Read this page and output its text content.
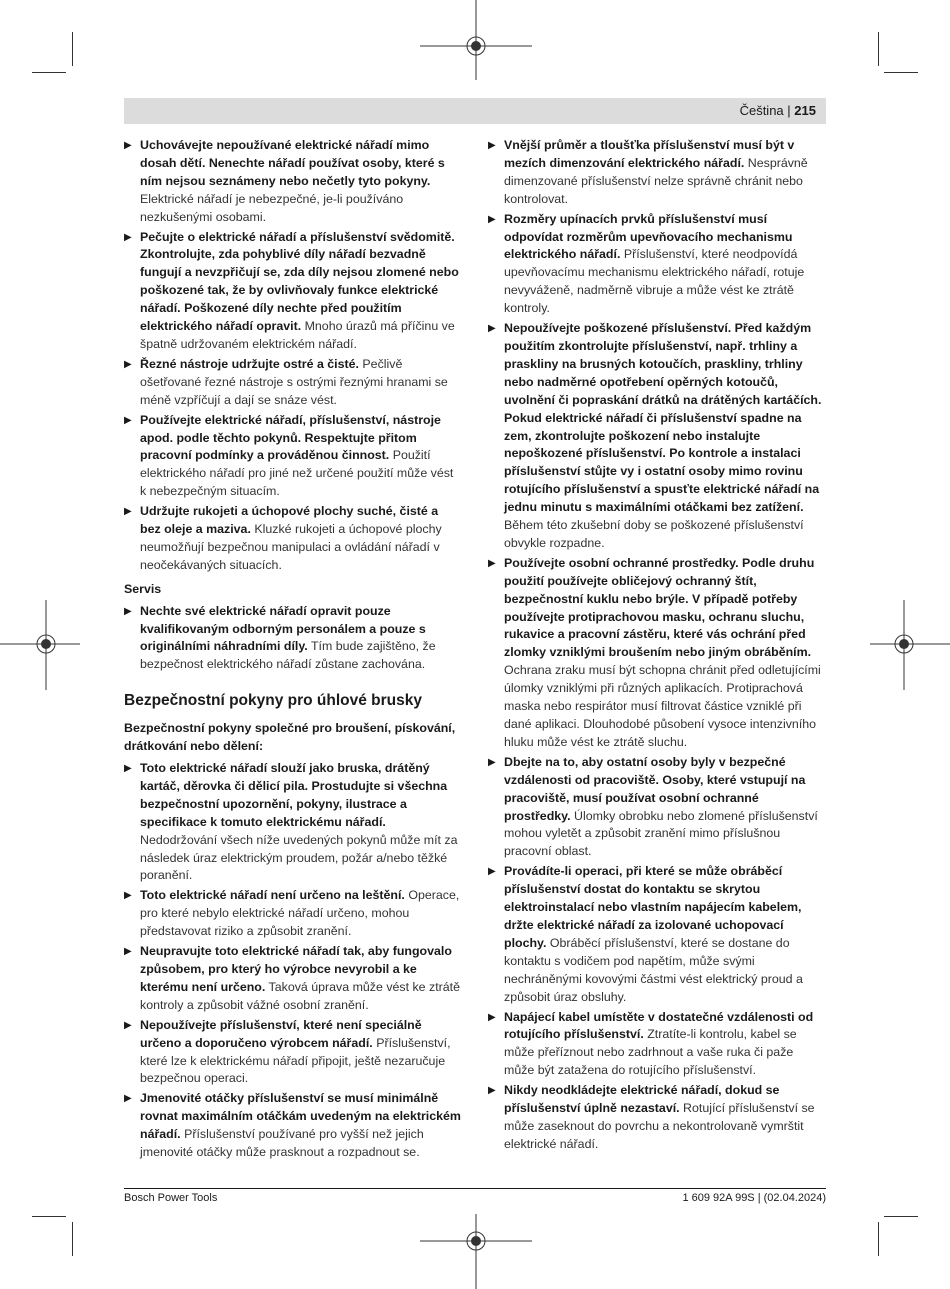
Čeština | 215
▶ Uchovávejte nepoužívané elektrické nářadí mimo dosah dětí. Nenechte nářadí používat osoby, které s ním nejsou seznámeny nebo nečetly tyto pokyny. Elektrické nářadí je nebezpečné, je-li používáno nezkušenými osobami.
▶ Pečujte o elektrické nářadí a příslušenství svědomitě. Zkontrolujte, zda pohyblivé díly nářadí bezvadně fungují a nevzpřičují se, zda díly nejsou zlomené nebo poškozené tak, že by ovlivňovaly funkce elektrické nářadí. Poškozené díly nechte před použitím elektrického nářadí opravit. Mnoho úrazů má příčinu ve špatně udržovaném elektrickém nářadí.
▶ Řezné nástroje udržujte ostré a čisté. Pečlivě ošetřované řezné nástroje s ostrými řeznými hranami se méně vzpříčují a dají se snáze vést.
▶ Používejte elektrické nářadí, příslušenství, nástroje apod. podle těchto pokynů. Respektujte přitom pracovní podmínky a prováděnou činnost. Použití elektrického nářadí pro jiné než určené použití může vést k nebezpečným situacím.
▶ Udržujte rukojeti a úchopové plochy suché, čisté a bez oleje a maziva. Kluzké rukojeti a úchopové plochy neumožňují bezpečnou manipulaci a ovládání nářadí v neočekávaných situacích.
Servis
▶ Nechte své elektrické nářadí opravit pouze kvalifikovaným odborným personálem a pouze s originálními náhradními díly. Tím bude zajištěno, že bezpečnost elektrického nářadí zůstane zachována.
Bezpečnostní pokyny pro úhlové brusky
Bezpečnostní pokyny společné pro broušení, pískování, drátkování nebo dělení:
▶ Toto elektrické nářadí slouží jako bruska, drátěný kartáč, děrovka či dělicí pila. Prostudujte si všechna bezpečnostní upozornění, pokyny, ilustrace a specifikace k tomuto elektrickému nářadí. Nedodržování všech níže uvedených pokynů může mít za následek úraz elektrickým proudem, požár a/nebo těžké poranění.
▶ Toto elektrické nářadí není určeno na leštění. Operace, pro které nebylo elektrické nářadí určeno, mohou představovat riziko a způsobit zranění.
▶ Neupravujte toto elektrické nářadí tak, aby fungovalo způsobem, pro který ho výrobce nevyrobil a ke kterému není určeno. Taková úprava může vést ke ztrátě kontroly a způsobit vážné osobní zranění.
▶ Nepoužívejte příslušenství, které není speciálně určeno a doporučeno výrobcem nářadí. Příslušenství, které lze k elektrickému nářadí připojit, ještě nezaručuje bezpečnou operaci.
▶ Jmenovité otáčky příslušenství se musí minimálně rovnat maximálním otáčkám uvedeným na elektrickém nářadí. Příslušenství používané pro vyšší než jejich jmenovité otáčky může prasknout a rozpadnout se.
▶ Vnější průměr a tloušťka příslušenství musí být v mezích dimenzování elektrického nářadí. Nesprávně dimenzované příslušenství nelze správně chránit nebo kontrolovat.
▶ Rozměry upínacích prvků příslušenství musí odpovídat rozměrům upevňovacího mechanismu elektrického nářadí. Příslušenství, které neodpovídá upevňovacímu mechanismu elektrického nářadí, rotuje nevyváženě, nadměrně vibruje a může vést ke ztrátě kontroly.
▶ Nepoužívejte poškozené příslušenství. Před každým použitím zkontrolujte příslušenství, např. trhliny a praskliny na brusných kotoučích, praskliny, trhliny nebo nadměrné opotřebení opěrných kotoučů, uvolnění či popraskání drátků na drátěných kartáčích. Pokud elektrické nářadí či příslušenství spadne na zem, zkontrolujte poškození nebo instalujte nepoškozené příslušenství. Po kontrole a instalaci příslušenství stůjte vy i ostatní osoby mimo rovinu rotujícího příslušenství a spusťte elektrické nářadí na jednu minutu s maximálními otáčkami bez zatížení. Během této zkušební doby se poškozené příslušenství obvykle rozpadne.
▶ Používejte osobní ochranné prostředky. Podle druhu použití používejte obličejový ochranný štít, bezpečnostní kuklu nebo brýle. V případě potřeby používejte protiprachovou masku, ochranu sluchu, rukavice a pracovní zástěru, které vás ochrání před zlomky vzniklými broušením nebo jiným obráběním. Ochrana zraku musí být schopna chránit před odletujícími úlomky vzniklými při různých aplikacích. Protiprachová maska nebo respirátor musí filtrovat částice vzniklé při dané aplikaci. Dlouhodobé působení vysoce intenzivního hluku může vést ke ztrátě sluchu.
▶ Dbejte na to, aby ostatní osoby byly v bezpečné vzdálenosti od pracoviště. Osoby, které vstupují na pracoviště, musí používat osobní ochranné prostředky. Úlomky obrobku nebo zlomené příslušenství mohou vyletět a způsobit zranění mimo příslušnou pracovní oblast.
▶ Provádíte-li operaci, při které se může obráběcí příslušenství dostat do kontaktu se skrytou elektroinstalací nebo vlastním napájecím kabelem, držte elektrické nářadí za izolované uchopovací plochy. Obráběcí příslušenství, které se dostane do kontaktu s vodičem pod napětím, může svými nechráněnými kovovými částmi vést elektrický proud a způsobit úraz obsluhy.
▶ Napájecí kabel umístěte v dostatečné vzdálenosti od rotujícího příslušenství. Ztratíte-li kontrolu, kabel se může přeříznout nebo zadrhnout a vaše ruka či paže může být zatažena do rotujícího příslušenství.
▶ Nikdy neodkládejte elektrické nářadí, dokud se příslušenství úplně nezastaví. Rotující příslušenství se může zaseknout do povrchu a nekontrolovaně vymrštit elektrické nářadí.
Bosch Power Tools	1 609 92A 99S | (02.04.2024)
